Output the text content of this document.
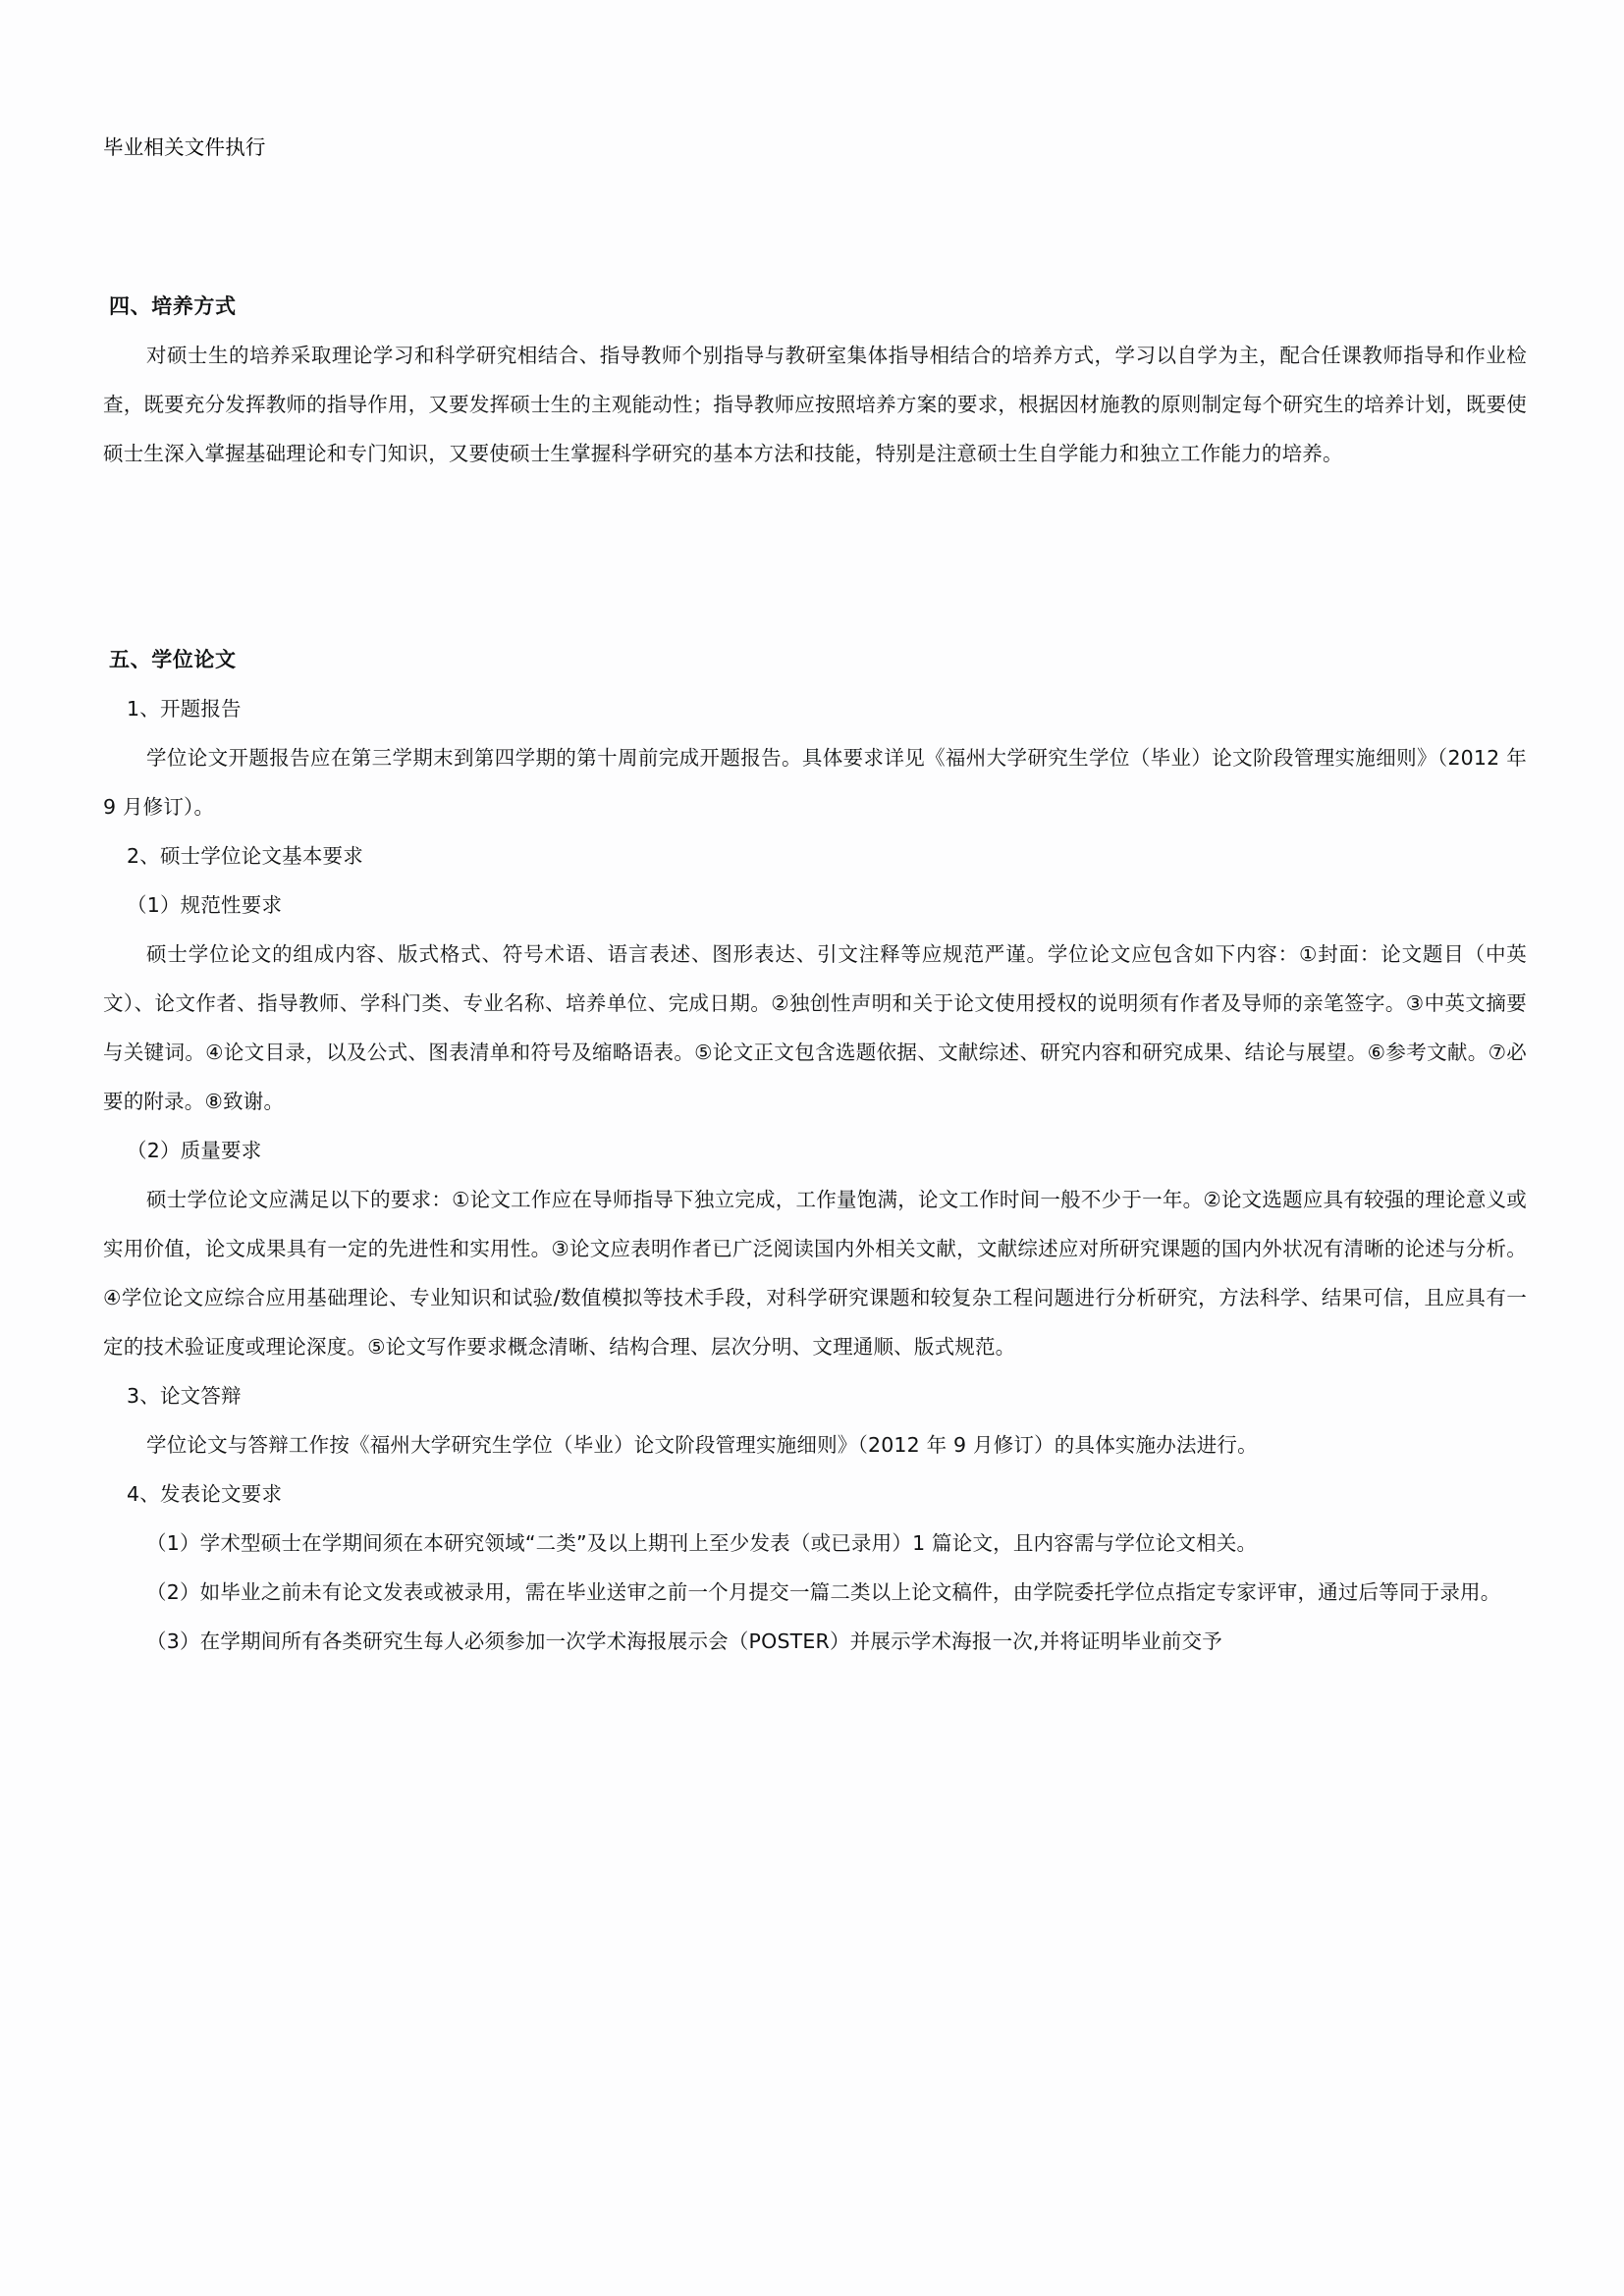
毕业相关文件执行

四、培养方式

对硕士生的培养采取理论学习和科学研究相结合、指导教师个别指导与教研室集体指导相结合的培养方式，学习以自学为主，配合任课教师指导和作业检查，既要充分发挥教师的指导作用，又要发挥硕士生的主观能动性；指导教师应按照培养方案的要求，根据因材施教的原则制定每个研究生的培养计划，既要使硕士生深入掌握基础理论和专门知识，又要使硕士生掌握科学研究的基本方法和技能，特别是注意硕士生自学能力和独立工作能力的培养。

五、学位论文

1、开题报告

学位论文开题报告应在第三学期末到第四学期的第十周前完成开题报告。具体要求详见《福州大学研究生学位（毕业）论文阶段管理实施细则》（2012 年 9 月修订）。

2、硕士学位论文基本要求

（1）规范性要求

硕士学位论文的组成内容、版式格式、符号术语、语言表述、图形表达、引文注释等应规范严谨。学位论文应包含如下内容：①封面：论文题目（中英文）、论文作者、指导教师、学科门类、专业名称、培养单位、完成日期。②独创性声明和关于论文使用授权的说明须有作者及导师的亲笔签字。③中英文摘要与关键词。④论文目录，以及公式、图表清单和符号及缩略语表。⑤论文正文包含选题依据、文献综述、研究内容和研究成果、结论与展望。⑥参考文献。⑦必要的附录。⑧致谢。

（2）质量要求

硕士学位论文应满足以下的要求：①论文工作应在导师指导下独立完成，工作量饱满，论文工作时间一般不少于一年。②论文选题应具有较强的理论意义或实用价值，论文成果具有一定的先进性和实用性。③论文应表明作者已广泛阅读国内外相关文献，文献综述应对所研究课题的国内外状况有清晰的论述与分析。④学位论文应综合应用基础理论、专业知识和试验/数值模拟等技术手段，对科学研究课题和较复杂工程问题进行分析研究，方法科学、结果可信，且应具有一定的技术验证度或理论深度。⑤论文写作要求概念清晰、结构合理、层次分明、文理通顺、版式规范。

3、论文答辩

学位论文与答辩工作按《福州大学研究生学位（毕业）论文阶段管理实施细则》（2012 年 9 月修订）的具体实施办法进行。

4、发表论文要求

（1）学术型硕士在学期间须在本研究领域“二类”及以上期刊上至少发表（或已录用）1 篇论文，且内容需与学位论文相关。

（2）如毕业之前未有论文发表或被录用，需在毕业送审之前一个月提交一篇二类以上论文稿件，由学院委托学位点指定专家评审，通过后等同于录用。

（3）在学期间所有各类研究生每人必须参加一次学术海报展示会（POSTER）并展示学术海报一次,并将证明毕业前交予
